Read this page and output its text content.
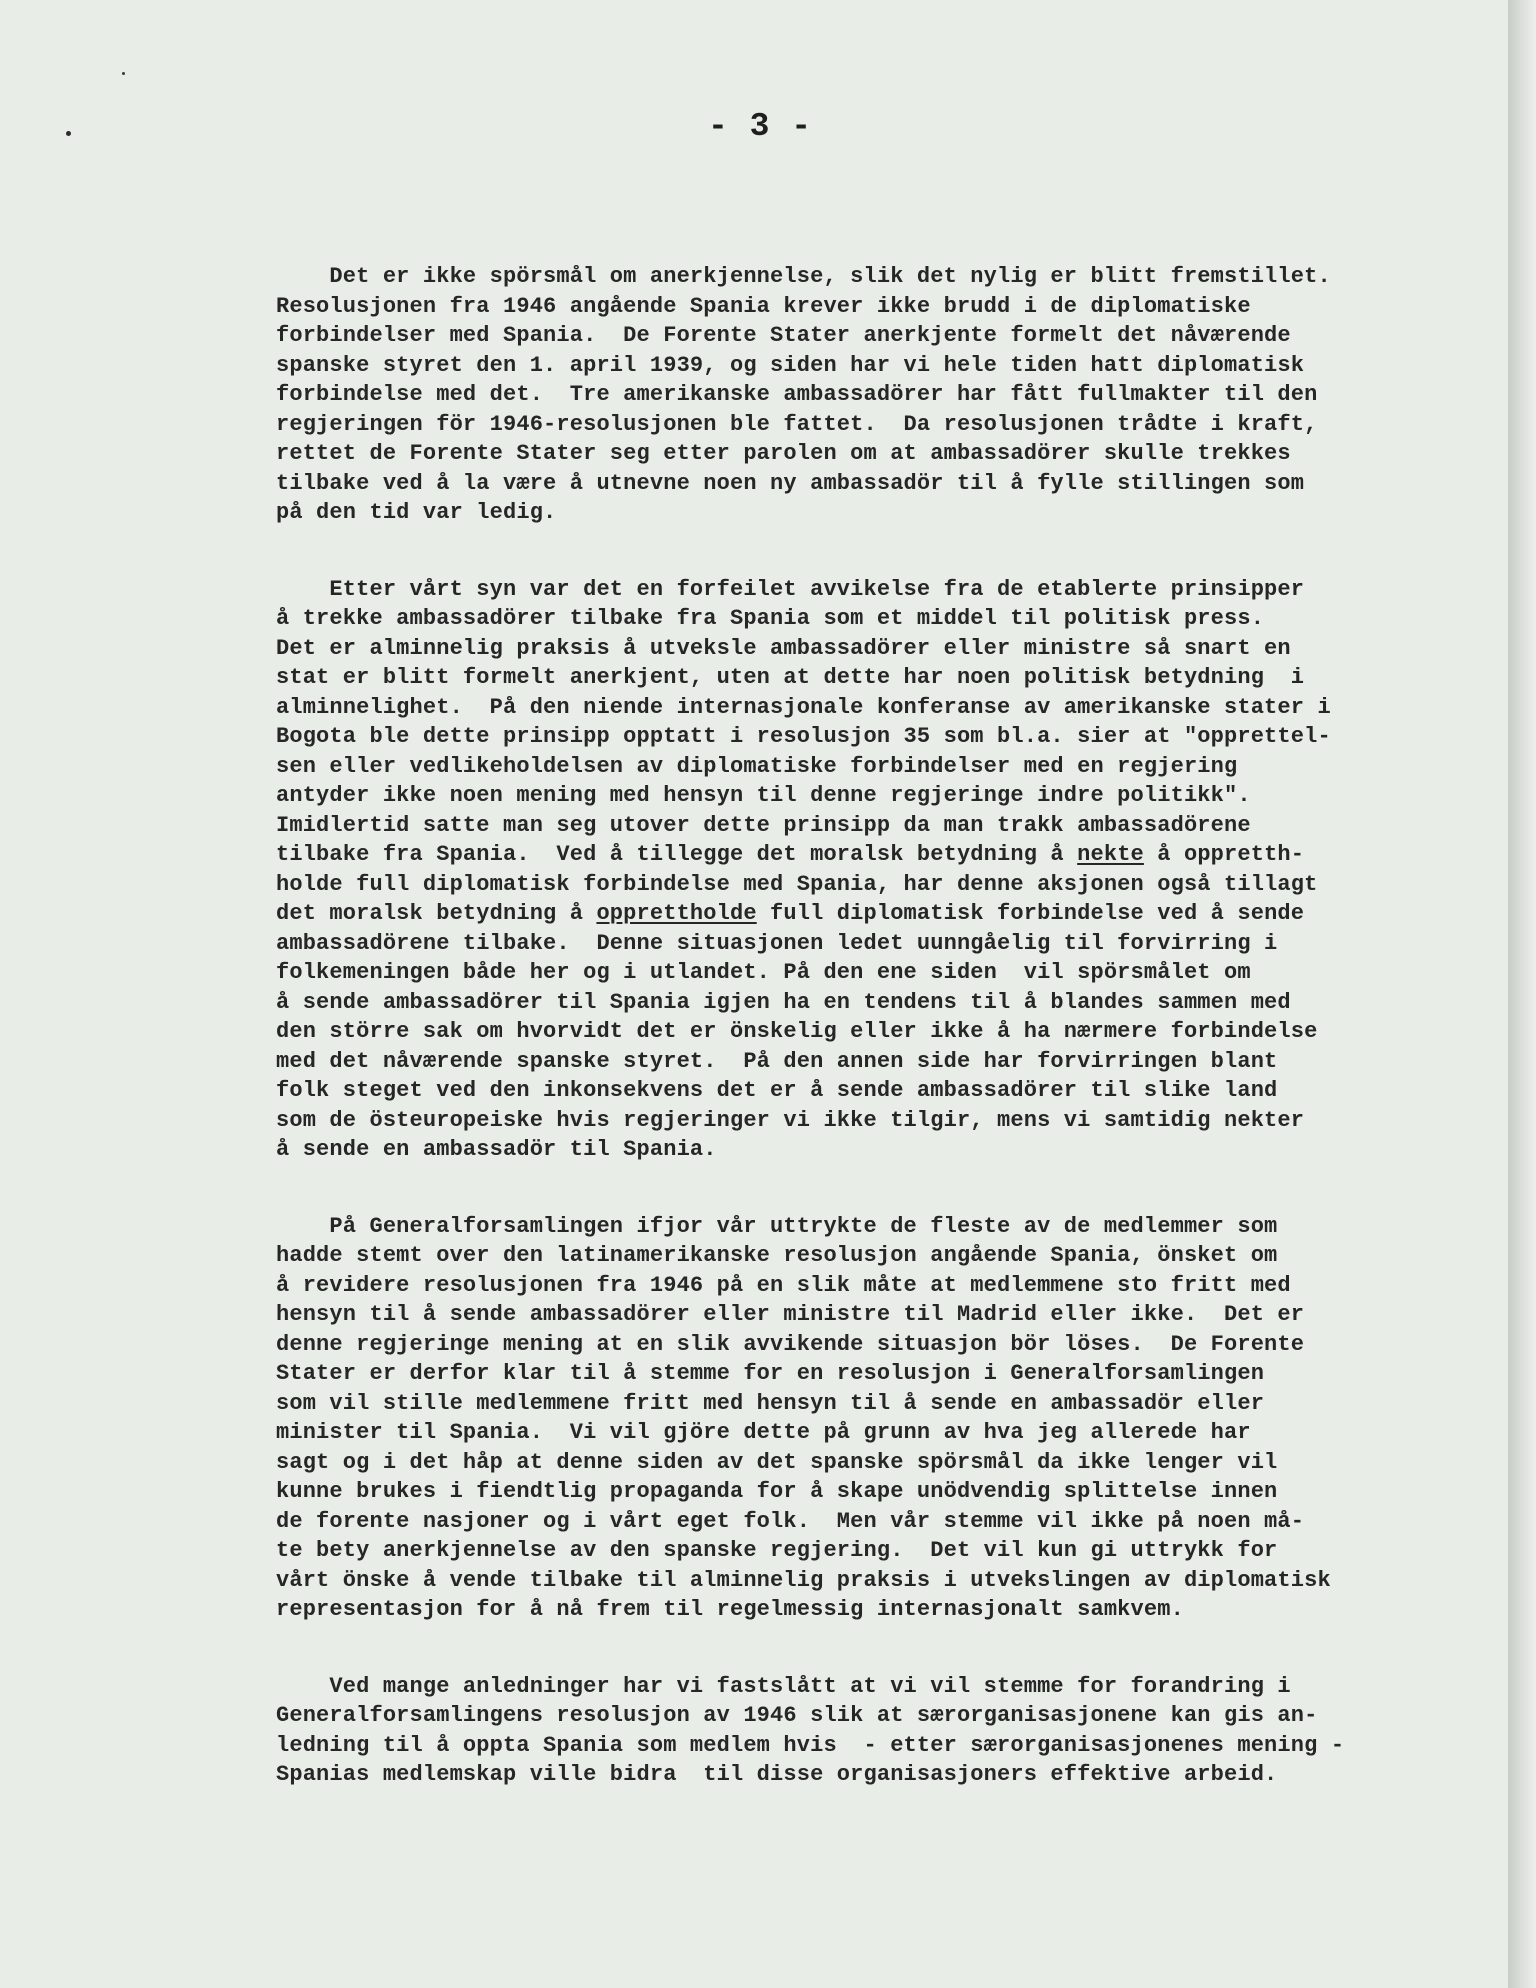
- 3 -

Det er ikke spörsmål om anerkjennelse, slik det nylig er blitt fremstillet.

Resolusjonen fra 1946 angående Spania krever ikke brudd i de diplomatiske

forbindelser med Spania.  De Forente Stater anerkjente formelt det nåværende

spanske styret den 1. april 1939, og siden har vi hele tiden hatt diplomatisk

forbindelse med det.  Tre amerikanske ambassadörer har fått fullmakter til den

regjeringen för 1946-resolusjonen ble fattet.  Da resolusjonen trådte i kraft,

rettet de Forente Stater seg etter parolen om at ambassadörer skulle trekkes

tilbake ved å la være å utnevne noen ny ambassadör til å fylle stillingen som

på den tid var ledig.

Etter vårt syn var det en forfeilet avvikelse fra de etablerte prinsipper

å trekke ambassadörer tilbake fra Spania som et middel til politisk press.

Det er alminnelig praksis å utveksle ambassadörer eller ministre så snart en

stat er blitt formelt anerkjent, uten at dette har noen politisk betydning  i

alminnelighet.  På den niende internasjonale konferanse av amerikanske stater i

Bogota ble dette prinsipp opptatt i resolusjon 35 som bl.a. sier at "opprettel-

sen eller vedlikeholdelsen av diplomatiske forbindelser med en regjering

antyder ikke noen mening med hensyn til denne regjeringe indre politikk".

Imidlertid satte man seg utover dette prinsipp da man trakk ambassadörene

tilbake fra Spania.  Ved å tillegge det moralsk betydning å nekte å oppretth-

holde full diplomatisk forbindelse med Spania, har denne aksjonen også tillagt

det moralsk betydning å opprettholde full diplomatisk forbindelse ved å sende

ambassadörene tilbake.  Denne situasjonen ledet uunngåelig til forvirring i

folkemeningen både her og i utlandet. På den ene siden  vil spörsmålet om

å sende ambassadörer til Spania igjen ha en tendens til å blandes sammen med

den större sak om hvorvidt det er önskelig eller ikke å ha nærmere forbindelse

med det nåværende spanske styret.  På den annen side har forvirringen blant

folk steget ved den inkonsekvens det er å sende ambassadörer til slike land

som de östeuropeiske hvis regjeringer vi ikke tilgir, mens vi samtidig nekter

å sende en ambassadör til Spania.

På Generalforsamlingen ifjor vår uttrykte de fleste av de medlemmer som

hadde stemt over den latinamerikanske resolusjon angående Spania, önsket om

å revidere resolusjonen fra 1946 på en slik måte at medlemmene sto fritt med

hensyn til å sende ambassadörer eller ministre til Madrid eller ikke.  Det er

denne regjeringe mening at en slik avvikende situasjon bör löses.  De Forente

Stater er derfor klar til å stemme for en resolusjon i Generalforsamlingen

som vil stille medlemmene fritt med hensyn til å sende en ambassadör eller

minister til Spania.  Vi vil gjöre dette på grunn av hva jeg allerede har

sagt og i det håp at denne siden av det spanske spörsmål da ikke lenger vil

kunne brukes i fiendtlig propaganda for å skape unödvendig splittelse innen

de forente nasjoner og i vårt eget folk.  Men vår stemme vil ikke på noen må-

te bety anerkjennelse av den spanske regjering.  Det vil kun gi uttrykk for

vårt önske å vende tilbake til alminnelig praksis i utvekslingen av diplomatisk

representasjon for å nå frem til regelmessig internasjonalt samkvem.

Ved mange anledninger har vi fastslått at vi vil stemme for forandring i

Generalforsamlingens resolusjon av 1946 slik at særorganisasjonene kan gis an-

ledning til å oppta Spania som medlem hvis  - etter særorganisasjonenes mening -

Spanias medlemskap ville bidra  til disse organisasjoners effektive arbeid.
